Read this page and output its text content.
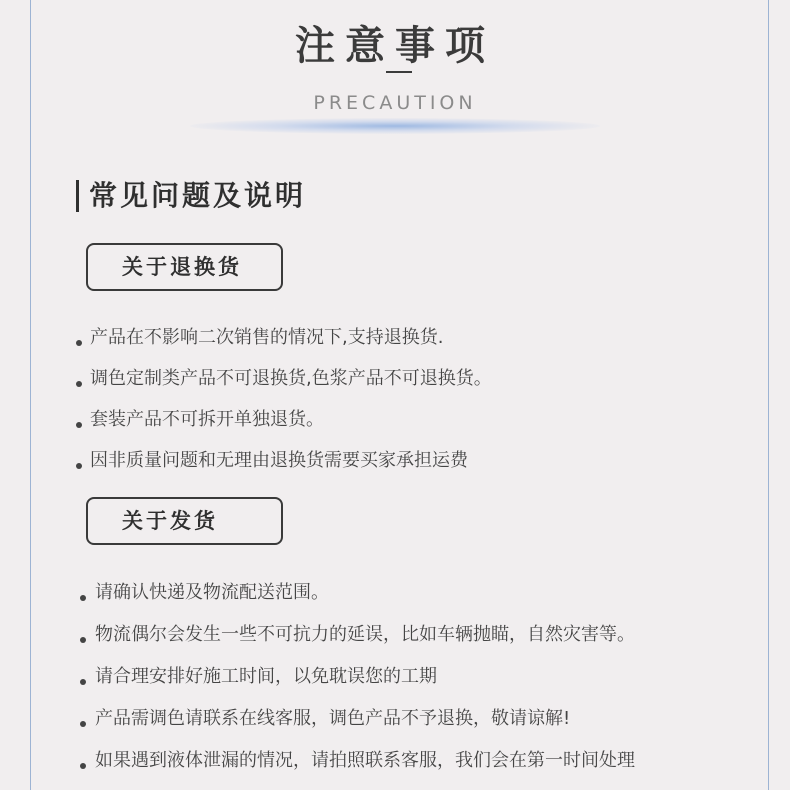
注意事项
PRECAUTION
常见问题及说明
关于退换货
产品在不影响二次销售的情况下,支持退换货.
调色定制类产品不可退换货,色浆产品不可退换货。
套装产品不可拆开单独退货。
因非质量问题和无理由退换货需要买家承担运费
关于发货
请确认快递及物流配送范围。
物流偶尔会发生一些不可抗力的延误，比如车辆抛瞄，自然灾害等。
请合理安排好施工时间，以免耽误您的工期
产品需调色请联系在线客服，调色产品不予退换，敬请谅解!
如果遇到液体泄漏的情况，请拍照联系客服，我们会在第一时间处理
